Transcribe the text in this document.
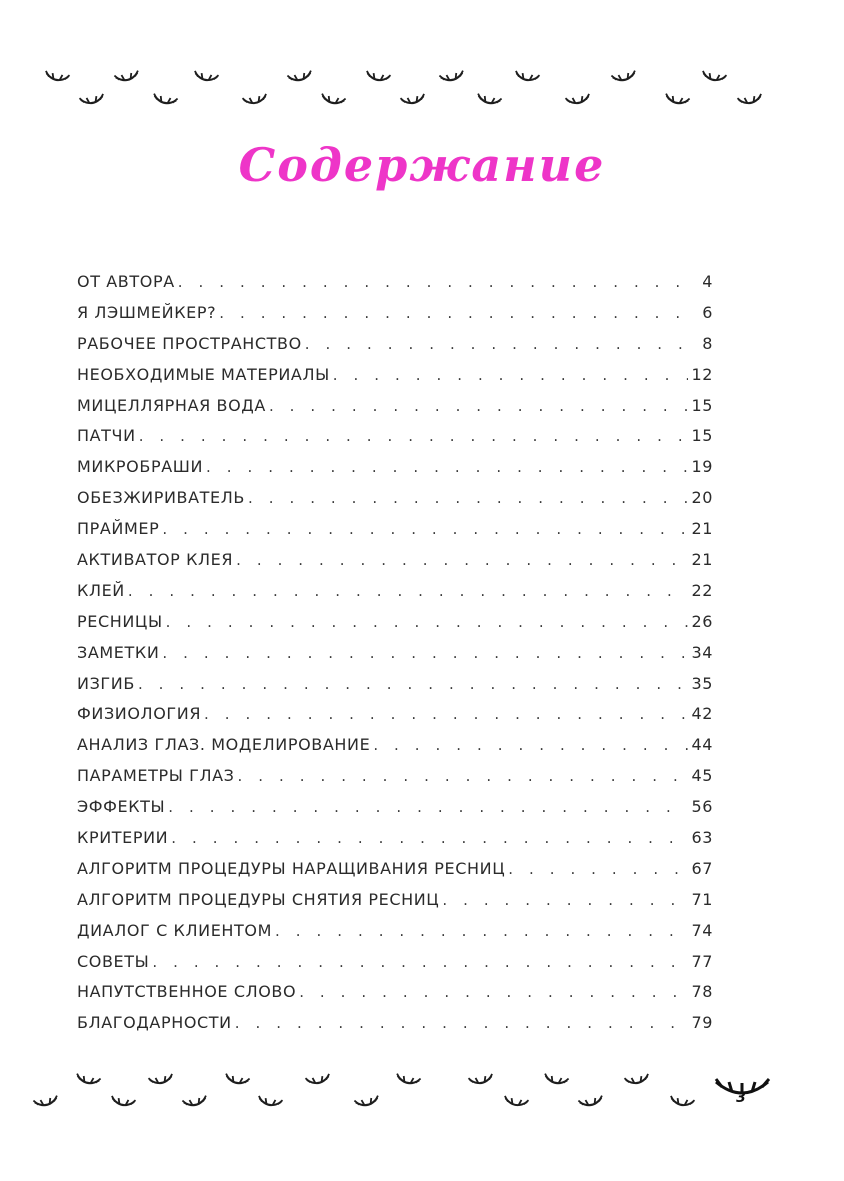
Содержание
ОТ АВТОРА . . .	4
Я ЛЭШМЕЙКЕР? . . .	6
РАБОЧЕЕ ПРОСТРАНСТВО . . .	8
НЕОБХОДИМЫЕ МАТЕРИАЛЫ . . .	12
МИЦЕЛЛЯРНАЯ ВОДА . . .	15
ПАТЧИ . . .	15
МИКРОБРАШИ . . .	19
ОБЕЗЖИРИВАТЕЛЬ . . .	20
ПРАЙМЕР . . .	21
АКТИВАТОР КЛЕЯ . . .	21
КЛЕЙ . . .	22
РЕСНИЦЫ . . .	26
ЗАМЕТКИ . . .	34
ИЗГИБ . . .	35
ФИЗИОЛОГИЯ . . .	42
АНАЛИЗ ГЛАЗ. МОДЕЛИРОВАНИЕ . . .	44
ПАРАМЕТРЫ ГЛАЗ . . .	45
ЭФФЕКТЫ . . .	56
КРИТЕРИИ . . .	63
АЛГОРИТМ ПРОЦЕДУРЫ НАРАЩИВАНИЯ РЕСНИЦ . . .	67
АЛГОРИТМ ПРОЦЕДУРЫ СНЯТИЯ РЕСНИЦ . . .	71
ДИАЛОГ С КЛИЕНТОМ . . .	74
СОВЕТЫ . . .	77
НАПУТСТВЕННОЕ СЛОВО . . .	78
БЛАГОДАРНОСТИ . . .	79
3
